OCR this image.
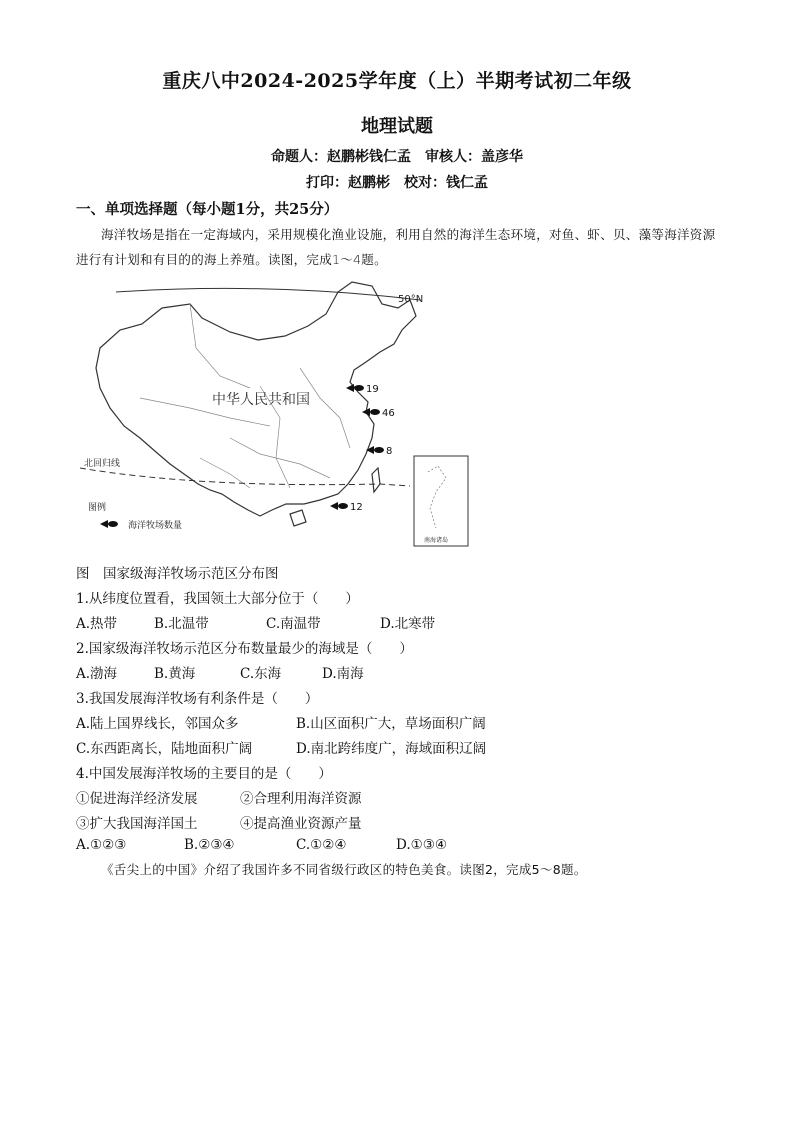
重庆八中2024-2025学年度（上）半期考试初二年级
地理试题
命题人：赵鹏彬钱仁孟　审核人：盖彦华
打印：赵鹏彬　校对：钱仁孟
一、单项选择题（每小题1分，共25分）
海洋牧场是指在一定海域内，采用规模化渔业设施，利用自然的海洋生态环境，对鱼、虾、贝、藻等海洋资源进行有计划和有目的的海上养殖。读图，完成1～4题。
中华人民共和国
50°N
北回归线
19
46
8
12
图例
海洋牧场数量
南海诸岛
图　国家级海洋牧场示范区分布图
1.从纬度位置看，我国领土大部分位于（　　）
A.热带	B.北温带	C.南温带	D.北寒带
2.国家级海洋牧场示范区分布数量最少的海域是（　　）
A.渤海	B.黄海	C.东海	D.南海
3.我国发展海洋牧场有利条件是（　　）
A.陆上国界线长，邻国众多	B.山区面积广大，草场面积广阔
C.东西距离长，陆地面积广阔	D.南北跨纬度广，海域面积辽阔
4.中国发展海洋牧场的主要目的是（　　）
①促进海洋经济发展	②合理利用海洋资源
③扩大我国海洋国土	④提高渔业资源产量
A.①②③	B.②③④	C.①②④	D.①③④
《舌尖上的中国》介绍了我国许多不同省级行政区的特色美食。读图2，完成5～8题。
